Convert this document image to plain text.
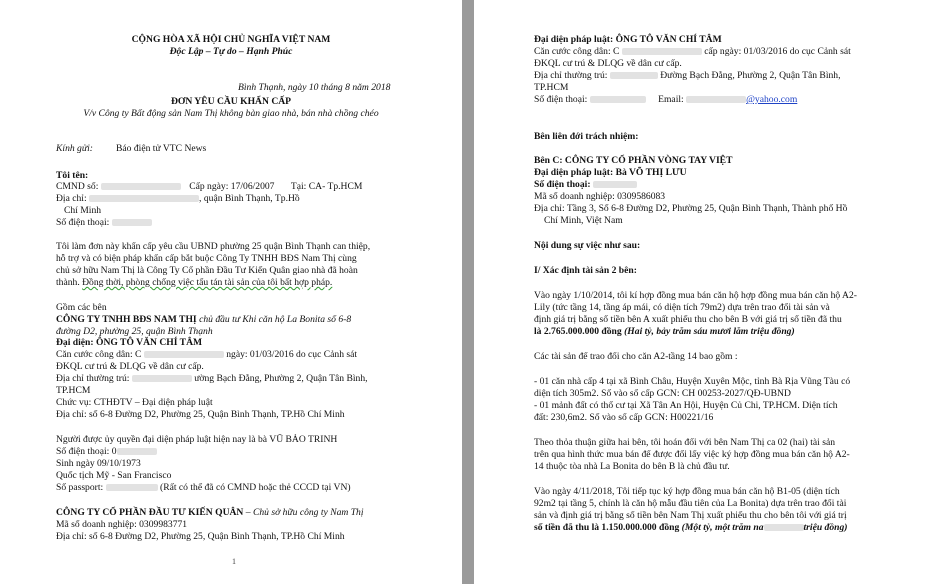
CỘNG HÒA XÃ HỘI CHỦ NGHĨA VIỆT NAM
Độc Lập – Tự do – Hạnh Phúc
Bình Thạnh, ngày 10 tháng 8 năm 2018
ĐƠN YÊU CẦU KHẨN CẤP
V/v Công ty Bất động sản Nam Thị không bàn giao nhà, bán nhà chồng chéo
Kính gửi: Báo điện tử VTC News
Tôi tên:
CMND số:	Cấp ngày: 17/06/2007 Tại: CA- Tp.HCM
Địa chỉ:	, quận Bình Thạnh, Tp.Hồ
Chí Minh
Số điện thoại:
Tôi làm đơn này khẩn cấp yêu cầu UBND phường 25 quận Bình Thạnh can thiệp,
hỗ trợ và có biện pháp khẩn cấp bắt buộc Công Ty TNHH BĐS Nam Thị cùng
chủ sở hữu Nam Thị là Công Ty Cổ phần Đầu Tư Kiến Quân giao nhà đã hoàn
thành. Đồng thời, phòng chống việc tẩu tán tài sản của tôi bất hợp pháp.
Gồm các bên
CÔNG TY TNHH BĐS NAM THỊ chủ đầu tư Khi căn hộ La Bonita số 6-8
đường D2, phường 25, quận Bình Thạnh
Đại diện: ÔNG TÔ VĂN CHÍ TÂM
Căn cước công dân: C	ngày: 01/03/2016 do cục Cảnh sát
ĐKQL cư trú & DLQG về dân cư cấp.
Địa chỉ thường trú:	ường Bạch Đằng, Phường 2, Quận Tân Bình,
TP.HCM
Chức vụ: CTHĐTV – Đại diện pháp luật
Địa chỉ: số 6-8 Đường D2, Phường 25, Quận Bình Thạnh, TP.Hồ Chí Minh
Người được ủy quyền đại diện pháp luật hiện nay là bà VŨ BẢO TRINH
Số điện thoại: 0
Sinh ngày 09/10/1973
Quốc tịch Mỹ - San Francisco
Số passport:	(Rất có thể đã có CMND hoặc thẻ CCCD tại VN)
CÔNG TY CỔ PHẦN ĐẦU TƯ KIẾN QUÂN – Chủ sở hữu công ty Nam Thị
Mã số doanh nghiệp: 0309983771
Địa chỉ: số 6-8 Đường D2, Phường 25, Quận Bình Thạnh, TP.Hồ Chí Minh
1
Đại diện pháp luật: ÔNG TÔ VĂN CHÍ TÂM
Căn cước công dân: C	cấp ngày: 01/03/2016 do cục Cảnh sát
ĐKQL cư trú & DLQG về dân cư cấp.
Địa chỉ thường trú:	Đường Bạch Đằng, Phường 2, Quận Tân Bình,
TP.HCM
Số điện thoại:	Email:	@yahoo.com
Bên liên đới trách nhiệm:
Bên C: CÔNG TY CỔ PHẦN VÒNG TAY VIỆT
Đại diện pháp luật: Bà VÕ THỊ LƯU
Số điện thoại:
Mã số doanh nghiệp: 0309586083
Địa chỉ: Tầng 3, Số 6-8 Đường D2, Phường 25, Quận Bình Thạnh, Thành phố Hồ
Chí Minh, Việt Nam
Nội dung sự việc như sau:
I/ Xác định tài sản 2 bên:
Vào ngày 1/10/2014, tôi kí hợp đồng mua bán căn hộ hợp đồng mua bán căn hộ A2-
Lily (tức tầng 14, tầng áp mái, có diện tích 79m2) dựa trên trao đổi tài sản và
định giá trị bằng số tiền bên A xuất phiếu thu cho bên B với giá trị số tiền đã thu
là 2.765.000.000 đồng (Hai tỷ, bảy trăm sáu mươi lăm triệu đồng)
Các tài sản để trao đổi cho căn A2-tầng 14 bao gồm :
- 01 căn nhà cấp 4 tại xã Bình Châu, Huyện Xuyên Mộc, tỉnh Bà Rịa Vũng Tàu có
diện tích 305m2. Số vào sổ cấp GCN: CH 00253-2027/QĐ-UBND
- 01 mảnh đất có thổ cư tại Xã Tân An Hội, Huyện Củ Chi, TP.HCM. Diện tích
đất: 230,6m2. Số vào sổ cấp GCN: H00221/16
Theo thỏa thuận giữa hai bên, tôi hoán đổi với bên Nam Thị ca 02 (hai) tài sản
trên qua hình thức mua bán để được đổi lấy việc ký hợp đồng mua bán căn hộ A2-
14 thuộc tòa nhà La Bonita do bên B là chủ đầu tư.
Vào ngày 4/11/2018, Tôi tiếp tục ký hợp đồng mua bán căn hộ B1-05 (diện tích
92m2 tại tầng 5, chính là căn hộ mẫu đầu tiên của La Bonita) dựa trên trao đổi tài
sản và định giá trị bằng số tiền bên Nam Thị xuất phiếu thu cho bên tôi với giá trị
số tiền đã thu là 1.150.000.000 đồng (Một tỷ, một trăm na	triệu đồng)
